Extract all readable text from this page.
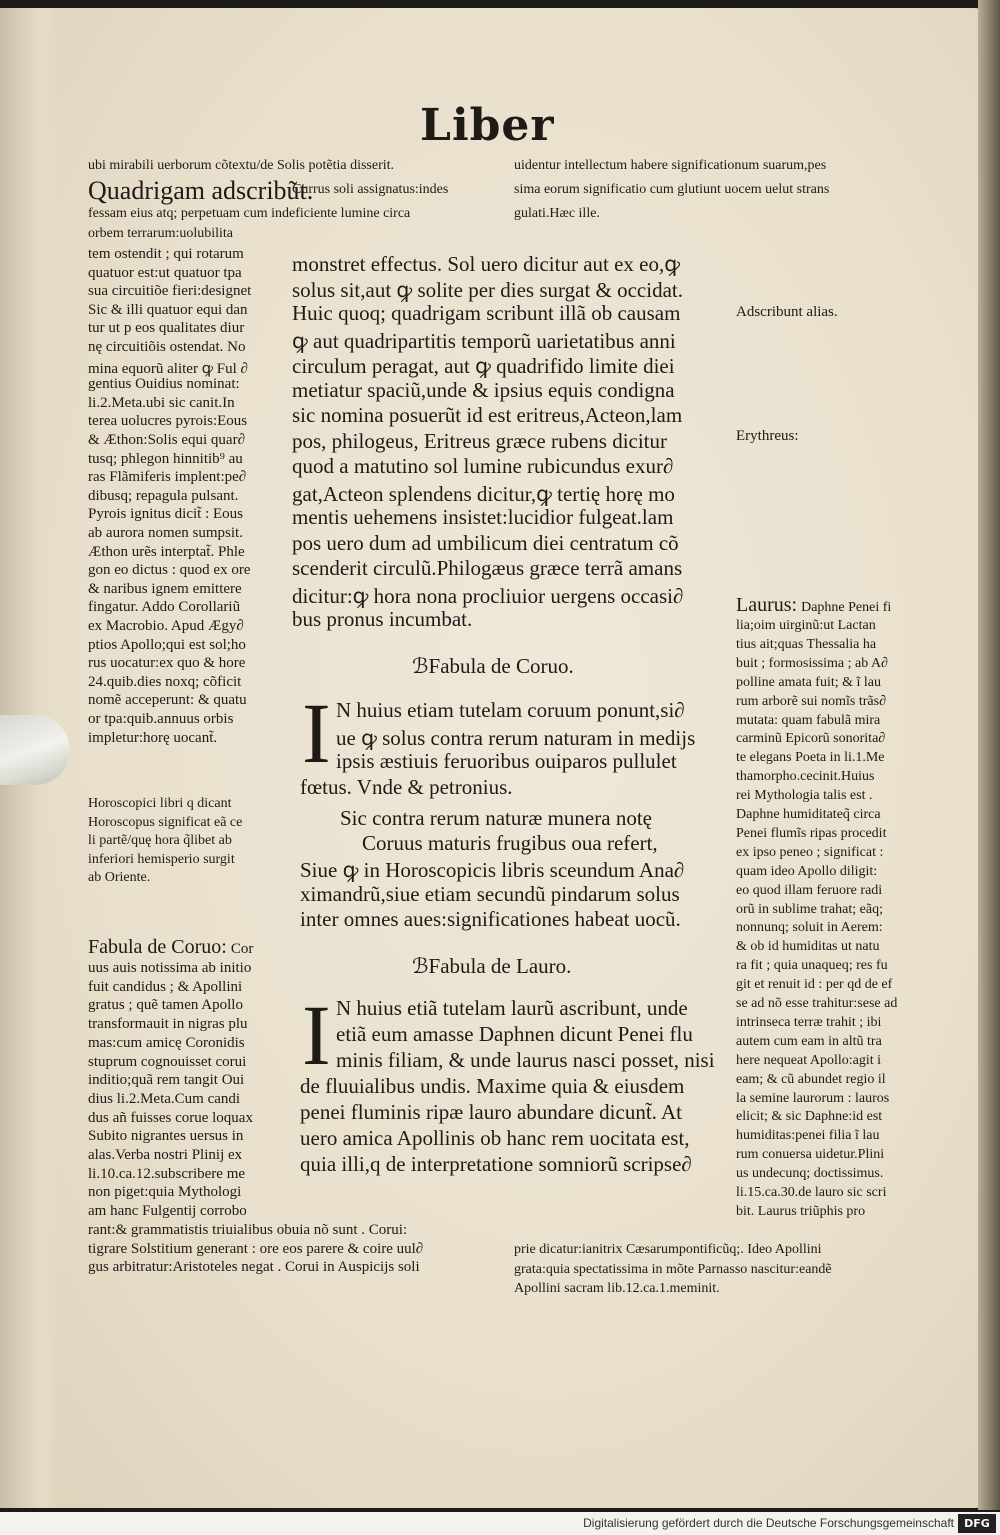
Liber
ubi mirabili uerborum cõtextu/de Solis potẽtia disserit.	uidentur intellectum habere significationum suarum,pes
Quadrigam adscribũt.
Currus soli assignatus:indes	sima eorum significatio cum glutiunt uocem uelut strans
fessam eius atq; perpetuam cum indeficiente lumine circa	gulati.Hæc ille.
orbem terrarum:uolubilita
tem ostendit ; qui rotarum
quatuor est:ut quatuor tpa
sua circuitiõe fieri:designet
Sic & illi quatuor equi dan
tur ut p eos qualitates diur
nę circuitiõis ostendat. No
mina equorũ aliter ꝙ Ful ∂
gentius Ouidius nominat:
li.2.Meta.ubi sic canit.In
terea uolucres pyrois:Eous
& Æthon:Solis equi quar∂
tusq; phlegon hinnitib⁹ au
ras Flãmiferis implent:pe∂
dibusq; repagula pulsant.
Pyrois ignitus dicit̃ : Eous
ab aurora nomen sumpsit.
Æthon urẽs interptat̃. Phle
gon eo dictus : quod ex ore
& naribus ignem emittere
fingatur. Addo Corollariũ
ex Macrobio. Apud Ægy∂
ptios Apollo;qui est sol;ho
rus uocatur:ex quo & hore
24.quib.dies noxq; cõficit
nomẽ acceperunt: & quatu
or tpa:quib.annuus orbis
impletur:horę uocant̃.
Horoscopici libri q dicant
Horoscopus significat eã ce
li partẽ/quę hora q̃libet ab
inferiori hemisperio surgit
ab Oriente.
Fabula de Coruo: Cor
uus auis notissima ab initio
fuit candidus ; & Apollini
gratus ; quẽ tamen Apollo
transformauit in nigras plu
mas:cum amicę Coronidis
stuprum cognouisset corui
inditio;quã rem tangit Oui
dius li.2.Meta.Cum candi
dus añ fuisses corue loquax
Subito nigrantes uersus in
alas.Verba nostri Plinij ex
li.10.ca.12.subscribere me
non piget:quia Mythologi
am hanc Fulgentij corrobo
rant:& grammatistis triuialibus obuia nõ sunt . Corui:
tigrare Solstitium generant : ore eos parere & coire uul∂
gus arbitratur:Aristoteles negat . Corui in Auspicijs soli
monstret effectus. Sol uero dicitur aut ex eo,ꝙ
solus sit,aut ꝙ solite per dies surgat & occidat.
Huic quoq; quadrigam scribunt illã ob causam
ꝙ aut quadripartitis temporũ uarietatibus anni
circulum peragat, aut ꝙ quadrifido limite diei
metiatur spaciũ,unde & ipsius equis condigna
sic nomina posuerũt id est eritreus,Acteon,lam
pos, philogeus, Eritreus græce rubens dicitur
quod a matutino sol lumine rubicundus exur∂
gat,Acteon splendens dicitur,ꝙ tertię horę mo
mentis uehemens insistet:lucidior fulgeat.lam
pos uero dum ad umbilicum diei centratum cõ
scenderit circulũ.Philogæus græce terrã amans
dicitur:ꝙ hora nona procliuior uergens occasi∂
bus pronus incumbat.
ℬFabula de Coruo.
I N huius etiam tutelam coruum ponunt,si∂
ue ꝙ solus contra rerum naturam in medijs
ipsis æstiuis feruoribus ouiparos pullulet
fœtus. Vnde & petronius.
Sic contra rerum naturæ munera notę
Coruus maturis frugibus oua refert,
Siue ꝙ in Horoscopicis libris sceundum Ana∂
ximandrũ,siue etiam secundũ pindarum solus
inter omnes aues:significationes habeat uocũ.
ℬFabula de Lauro.
I N huius etiã tutelam laurũ ascribunt, unde
etiã eum amasse Daphnen dicunt Penei flu
minis filiam, & unde laurus nasci posset, nisi
de fluuialibus undis. Maxime quia & eiusdem
penei fluminis ripæ lauro abundare dicunt̃. At
uero amica Apollinis ob hanc rem uocitata est,
quia illi,q de interpretatione somniorũ scripse∂
Adscribunt alias.
Erythreus:
Laurus: Daphne Penei fi
lia;oim uirginũ:ut Lactan
tius ait;quas Thessalia ha
buit ; formosissima ; ab A∂
polline amata fuit; & ĩ lau
rum arborẽ sui nomĩs trãs∂
mutata: quam fabulã mira
carminũ Epicorũ sonorita∂
te elegans Poeta in li.1.Me
thamorpho.cecinit.Huius
rei Mythologia talis est .
Daphne humiditateq̃ circa
Penei flumĩs ripas procedit
ex ipso peneo ; significat :
quam ideo Apollo diligit:
eo quod illam feruore radi
orũ in sublime trahat; eãq;
nonnunq; soluit in Aerem:
& ob id humiditas ut natu
ra fit ; quia unaqueq; res fu
git et renuit id : per qd de ef
se ad nõ esse trahitur:sese ad
intrinseca terræ trahit ; ibi
autem cum eam in altũ tra
here nequeat Apollo:agit i
eam; & cũ abundet regio il
la semine laurorum : lauros
elicit; & sic Daphne:id est
humiditas:penei filia ĩ lau
rum conuersa uidetur.Plini
us undecunq; doctissimus.
li.15.ca.30.de lauro sic scri
bit. Laurus triũphis pro
prie dicatur:ianitrix Cæsarumpontificũq;. Ideo Apollini
grata:quia spectatissima in mõte Parnasso nascitur:eandẽ
Apollini sacram lib.12.ca.1.meminit.
Digitalisierung gefördert durch die Deutsche Forschungsgemeinschaft DFG
